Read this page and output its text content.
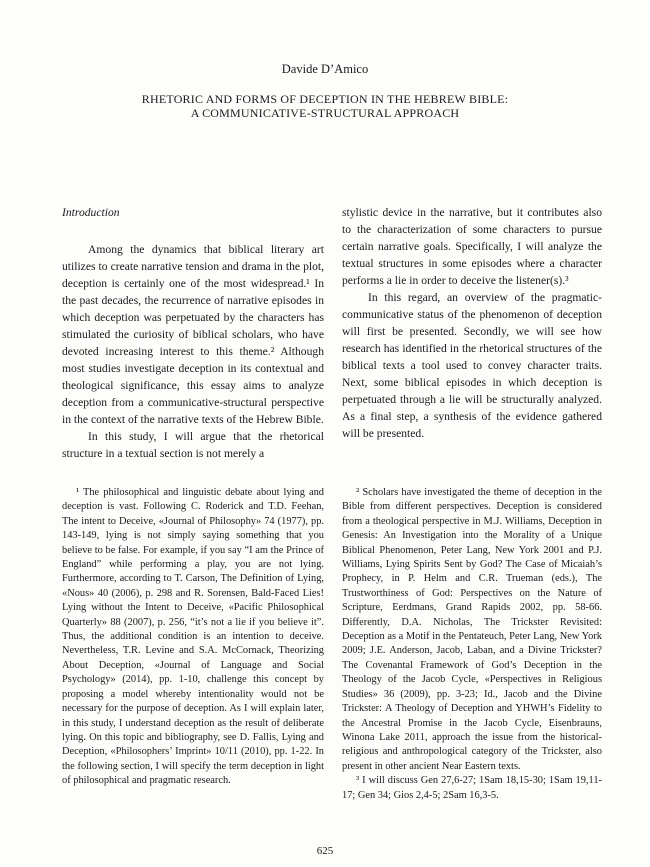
Davide D’Amico
RHETORIC AND FORMS OF DECEPTION IN THE HEBREW BIBLE:
A COMMUNICATIVE-STRUCTURAL APPROACH
Introduction

Among the dynamics that biblical literary art utilizes to create narrative tension and drama in the plot, deception is certainly one of the most widespread.¹ In the past decades, the recurrence of narrative episodes in which deception was perpetuated by the characters has stimulated the curiosity of biblical scholars, who have devoted increasing interest to this theme.² Although most studies investigate deception in its contextual and theological significance, this essay aims to analyze deception from a communicative-structural perspective in the context of the narrative texts of the Hebrew Bible.

In this study, I will argue that the rhetorical structure in a textual section is not merely a

stylistic device in the narrative, but it contributes also to the characterization of some characters to pursue certain narrative goals. Specifically, I will analyze the textual structures in some episodes where a character performs a lie in order to deceive the listener(s).³

In this regard, an overview of the pragmatic-communicative status of the phenomenon of deception will first be presented. Secondly, we will see how research has identified in the rhetorical structures of the biblical texts a tool used to convey character traits. Next, some biblical episodes in which deception is perpetuated through a lie will be structurally analyzed. As a final step, a synthesis of the evidence gathered will be presented.

¹ The philosophical and linguistic debate about lying and deception is vast. Following C. Roderick and T.D. Feehan, The intent to Deceive, «Journal of Philosophy» 74 (1977), pp. 143-149, lying is not simply saying something that you believe to be false. For example, if you say “I am the Prince of England” while performing a play, you are not lying. Furthermore, according to T. Carson, The Definition of Lying, «Nous» 40 (2006), p. 298 and R. Sorensen, Bald-Faced Lies! Lying without the Intent to Deceive, «Pacific Philosophical Quarterly» 88 (2007), p. 256, “it’s not a lie if you believe it”. Thus, the additional condition is an intention to deceive. Nevertheless, T.R. Levine and S.A. McCornack, Theorizing About Deception, «Journal of Language and Social Psychology» (2014), pp. 1-10, challenge this concept by proposing a model whereby intentionality would not be necessary for the purpose of deception. As I will explain later, in this study, I understand deception as the result of deliberate lying. On this topic and bibliography, see D. Fallis, Lying and Deception, «Philosophers’ Imprint» 10/11 (2010), pp. 1-22. In the following section, I will specify the term deception in light of philosophical and pragmatic research.

² Scholars have investigated the theme of deception in the Bible from different perspectives. Deception is considered from a theological perspective in M.J. Williams, Deception in Genesis: An Investigation into the Morality of a Unique Biblical Phenomenon, Peter Lang, New York 2001 and P.J. Williams, Lying Spirits Sent by God? The Case of Micaiah’s Prophecy, in P. Helm and C.R. Trueman (eds.), The Trustworthiness of God: Perspectives on the Nature of Scripture, Eerdmans, Grand Rapids 2002, pp. 58-66. Differently, D.A. Nicholas, The Trickster Revisited: Deception as a Motif in the Pentateuch, Peter Lang, New York 2009; J.E. Anderson, Jacob, Laban, and a Divine Trickster? The Covenantal Framework of God’s Deception in the Theology of the Jacob Cycle, «Perspectives in Religious Studies» 36 (2009), pp. 3-23; Id., Jacob and the Divine Trickster: A Theology of Deception and YHWH’s Fidelity to the Ancestral Promise in the Jacob Cycle, Eisenbrauns, Winona Lake 2011, approach the issue from the historical-religious and anthropological category of the Trickster, also present in other ancient Near Eastern texts.

³ I will discuss Gen 27,6-27; 1Sam 18,15-30; 1Sam 19,11-17; Gen 34; Gios 2,4-5; 2Sam 16,3-5.

625
